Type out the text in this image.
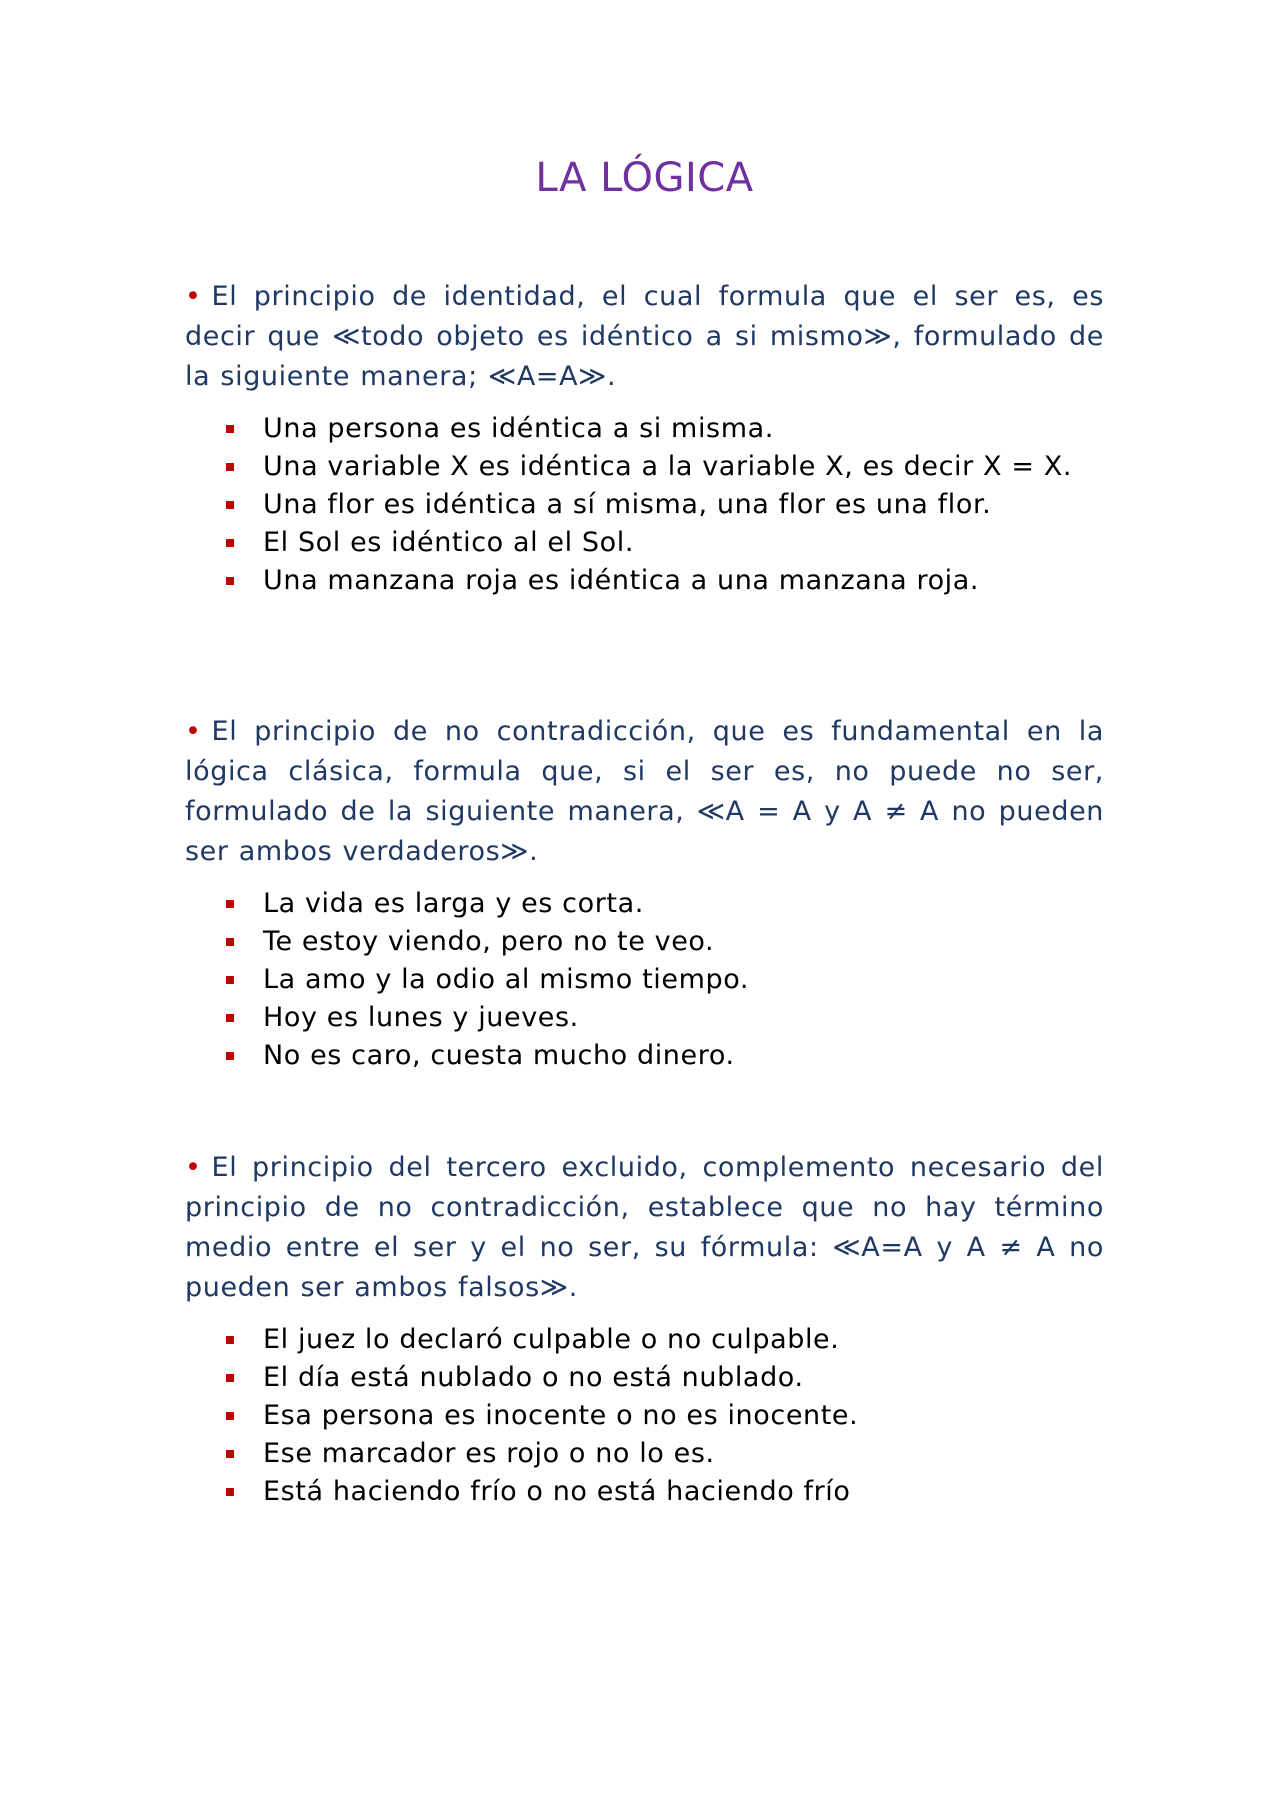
LA LÓGICA

• El principio de identidad, el cual formula que el ser es, es decir que ≪todo objeto es idéntico a si mismo≫, formulado de la siguiente manera; ≪A=A≫.

Una persona es idéntica a si misma.
Una variable X es idéntica a la variable X, es decir X = X.
Una flor es idéntica a sí misma, una flor es una flor.
El Sol es idéntico al el Sol.
Una manzana roja es idéntica a una manzana roja.

• El principio de no contradicción, que es fundamental en la lógica clásica, formula que, si el ser es, no puede no ser, formulado de la siguiente manera, ≪A = A y A ≠ A no pueden ser ambos verdaderos≫.

La vida es larga y es corta.
Te estoy viendo, pero no te veo.
La amo y la odio al mismo tiempo.
Hoy es lunes y jueves.
No es caro, cuesta mucho dinero.

• El principio del tercero excluido, complemento necesario del principio de no contradicción, establece que no hay término medio entre el ser y el no ser, su fórmula: ≪A=A y A ≠ A no pueden ser ambos falsos≫.

El juez lo declaró culpable o no culpable.
El día está nublado o no está nublado.
Esa persona es inocente o no es inocente.
Ese marcador es rojo o no lo es.
Está haciendo frío o no está haciendo frío
